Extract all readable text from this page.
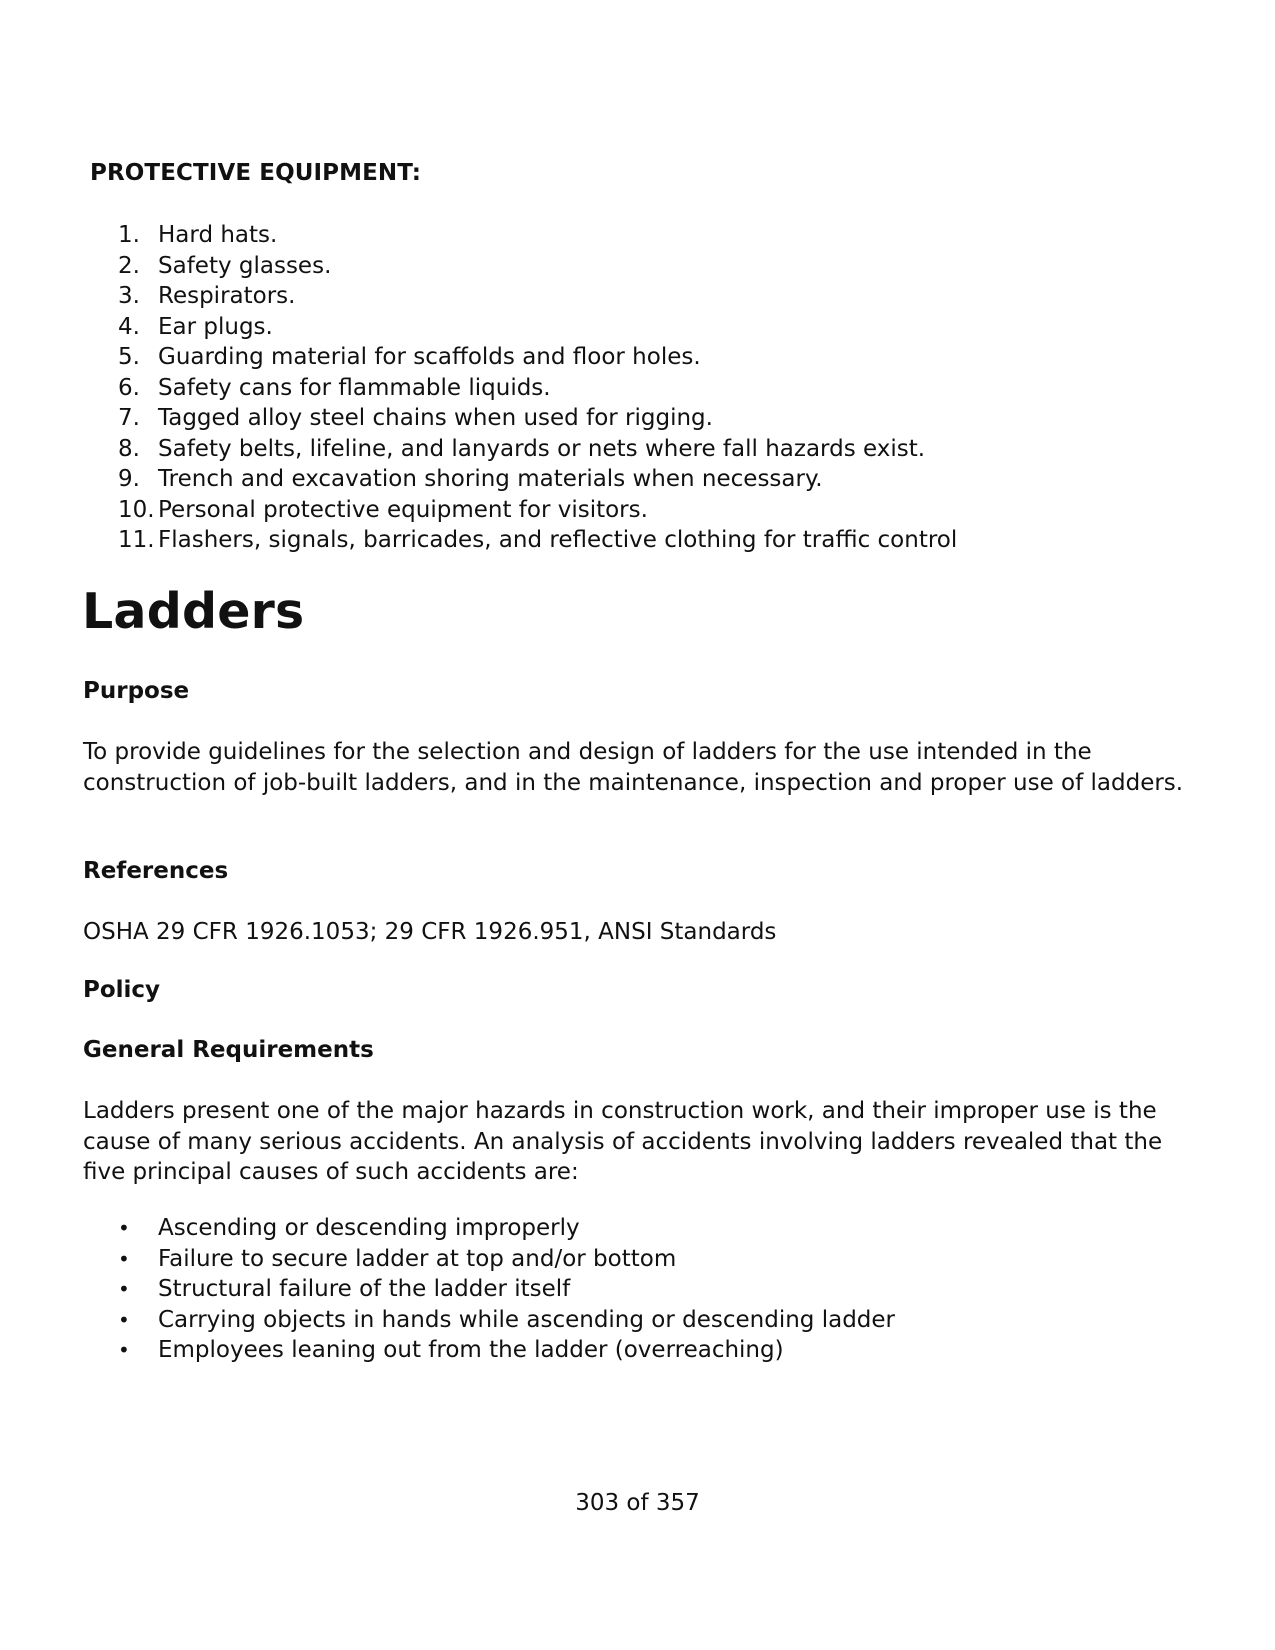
PROTECTIVE EQUIPMENT:
1. Hard hats.
2. Safety glasses.
3. Respirators.
4. Ear plugs.
5. Guarding material for scaffolds and floor holes.
6. Safety cans for flammable liquids.
7. Tagged alloy steel chains when used for rigging.
8. Safety belts, lifeline, and lanyards or nets where fall hazards exist.
9. Trench and excavation shoring materials when necessary.
10. Personal protective equipment for visitors.
11. Flashers, signals, barricades, and reflective clothing for traffic control
Ladders
Purpose

To provide guidelines for the selection and design of ladders for the use intended in the construction of job-built ladders, and in the maintenance, inspection and proper use of ladders.

References

OSHA 29 CFR 1926.1053; 29 CFR 1926.951, ANSI Standards

Policy
General Requirements

Ladders present one of the major hazards in construction work, and their improper use is the cause of many serious accidents. An analysis of accidents involving ladders revealed that the five principal causes of such accidents are:

• Ascending or descending improperly
• Failure to secure ladder at top and/or bottom
• Structural failure of the ladder itself
• Carrying objects in hands while ascending or descending ladder
• Employees leaning out from the ladder (overreaching)
303 of 357
